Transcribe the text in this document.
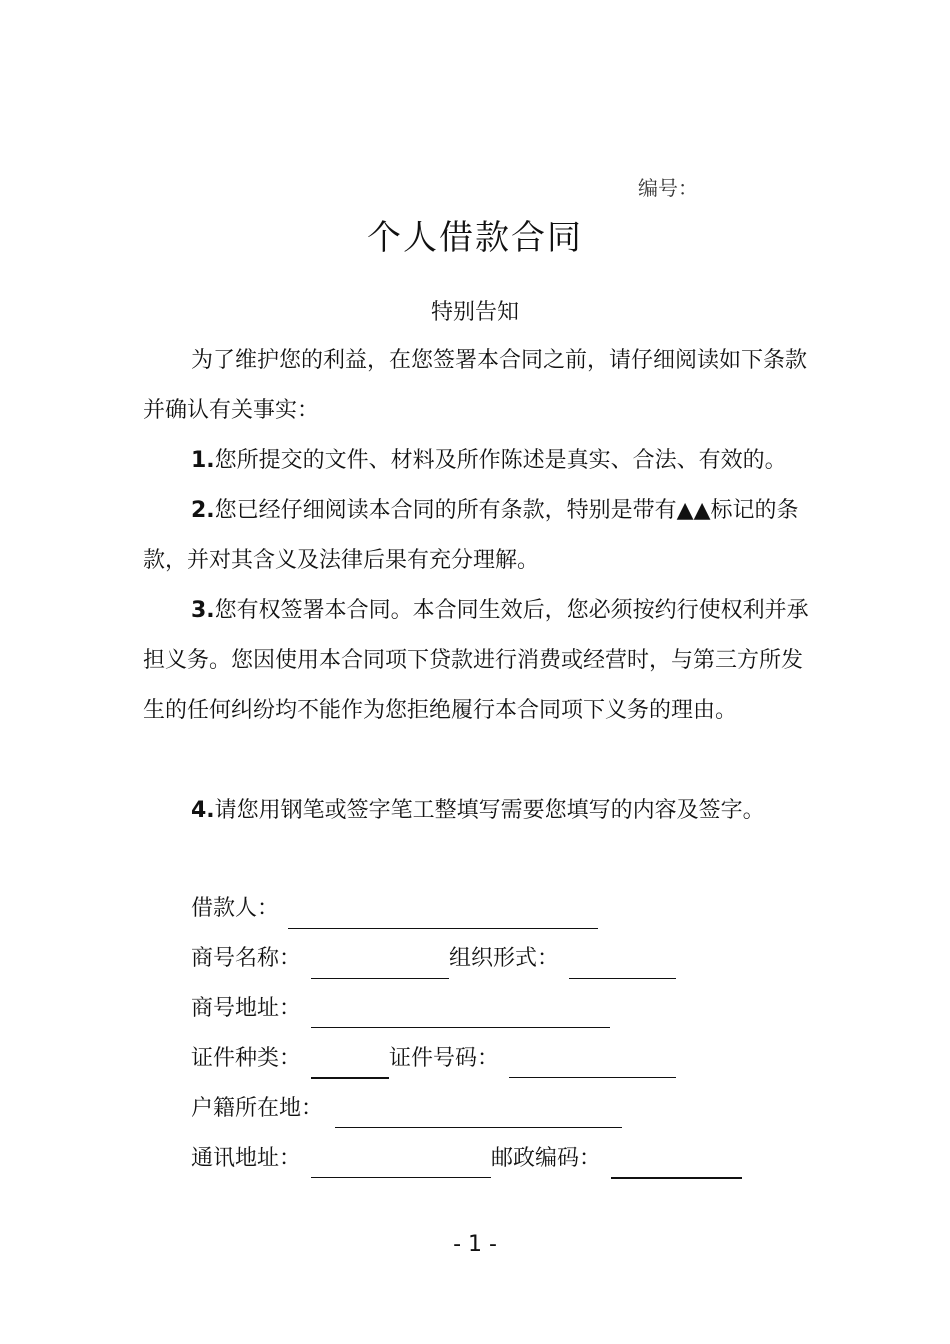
编号：
个人借款合同
特别告知

为了维护您的利益，在您签署本合同之前，请仔细阅读如下条款并确认有关事实：

1.您所提交的文件、材料及所作陈述是真实、合法、有效的。

2.您已经仔细阅读本合同的所有条款，特别是带有▲▲标记的条款，并对其含义及法律后果有充分理解。

3.您有权签署本合同。本合同生效后，您必须按约行使权利并承担义务。您因使用本合同项下贷款进行消费或经营时，与第三方所发生的任何纠纷均不能作为您拒绝履行本合同项下义务的理由。

4.请您用钢笔或签字笔工整填写需要您填写的内容及签字。

借款人：
商号名称：	组织形式：
商号地址：
证件种类：	证件号码：
户籍所在地：
通讯地址：	邮政编码：
- 1 -
